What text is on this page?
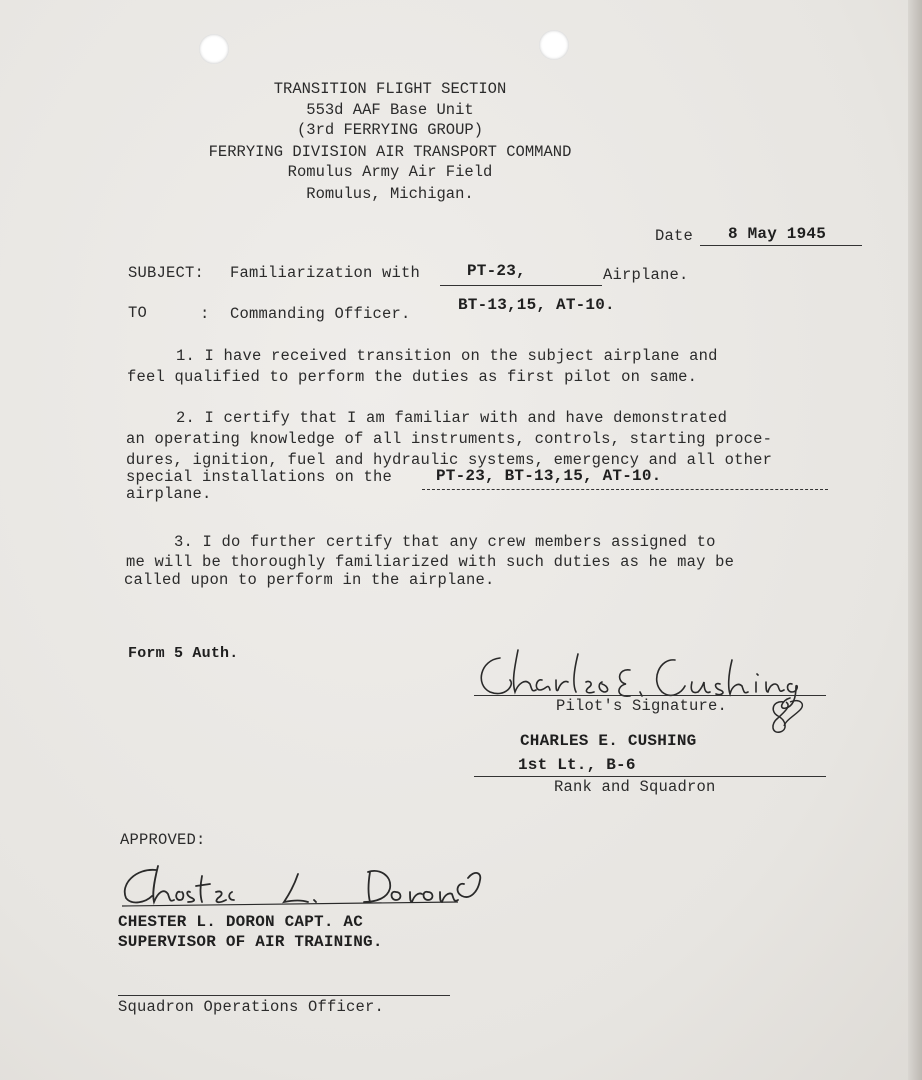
TRANSITION FLIGHT SECTION
553d AAF Base Unit
(3rd FERRYING GROUP)
FERRYING DIVISION AIR TRANSPORT COMMAND
Romulus Army Air Field
Romulus, Michigan.
Date 8 May 1945
SUBJECT: Familiarization with	PT-23,	Airplane.
BT-13,15, AT-10.
TO	: Commanding Officer.
1. I have received transition on the subject airplane and
feel qualified to perform the duties as first pilot on same.
2. I certify that I am familiar with and have demonstrated
an operating knowledge of all instruments, controls, starting proce-
dures, ignition, fuel and hydraulic systems, emergency and all other
special installations on the	PT-23, BT-13,15, AT-10.
airplane.
3. I do further certify that any crew members assigned to
me will be thoroughly familiarized with such duties as he may be
called upon to perform in the airplane.
Form 5 Auth.
Pilot's Signature.
CHARLES E. CUSHING
1st Lt., B-6
Rank and Squadron
APPROVED:
CHESTER L. DORON CAPT. AC
SUPERVISOR OF AIR TRAINING.
Squadron Operations Officer.
